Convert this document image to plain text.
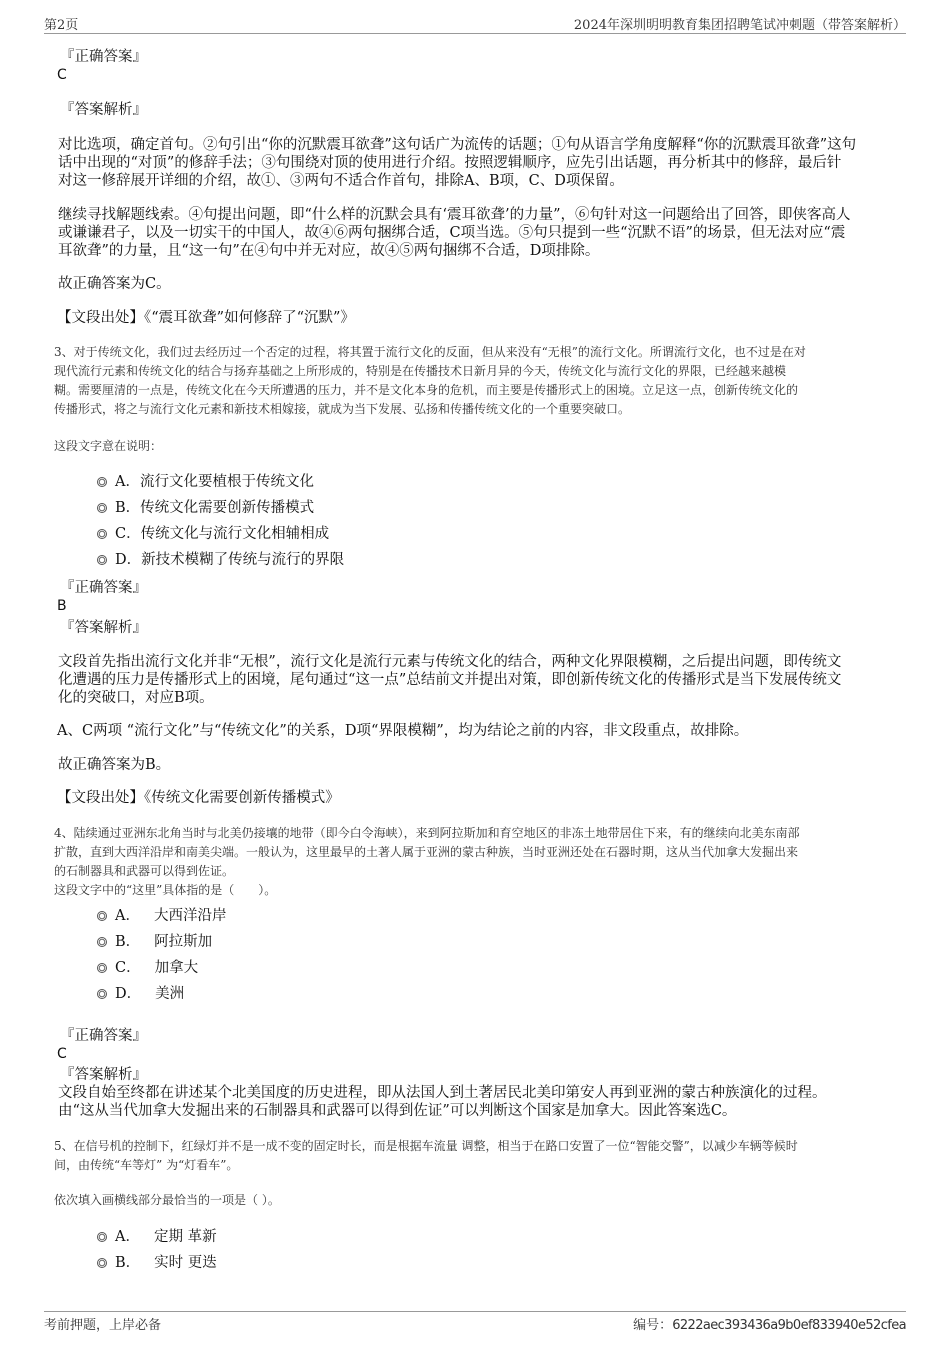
第2页	2024年深圳明明教育集团招聘笔试冲刺题（带答案解析）
『正确答案』
C
『答案解析』
对比选项，确定首句。②句引出“你的沉默震耳欲聋”这句话广为流传的话题；①句从语言学角度解释“你的沉默震耳欲聋”这句
话中出现的“对顶”的修辞手法；③句围绕对顶的使用进行介绍。按照逻辑顺序，应先引出话题，再分析其中的修辞，最后针
对这一修辞展开详细的介绍，故①、③两句不适合作首句，排除A、B项，C、D项保留。
继续寻找解题线索。④句提出问题，即“什么样的沉默会具有‘震耳欲聋’的力量”，⑥句针对这一问题给出了回答，即侠客高人
或谦谦君子，以及一切实干的中国人，故④⑥两句捆绑合适，C项当选。⑤句只提到一些“沉默不语”的场景，但无法对应“震
耳欲聋”的力量，且“这一句”在④句中并无对应，故④⑤两句捆绑不合适，D项排除。
故正确答案为C。
【文段出处】《“震耳欲聋”如何修辞了“沉默”》
3、对于传统文化，我们过去经历过一个否定的过程，将其置于流行文化的反面，但从来没有“无根”的流行文化。所谓流行文化，也不过是在对
现代流行元素和传统文化的结合与扬弃基础之上所形成的，特别是在传播技术日新月异的今天，传统文化与流行文化的界限，已经越来越模
糊。需要厘清的一点是，传统文化在今天所遭遇的压力，并不是文化本身的危机，而主要是传播形式上的困境。立足这一点，创新传统文化的
传播形式，将之与流行文化元素和新技术相嫁接，就成为当下发展、弘扬和传播传统文化的一个重要突破口。
这段文字意在说明：
A．流行文化要植根于传统文化
B．传统文化需要创新传播模式
C．传统文化与流行文化相辅相成
D．新技术模糊了传统与流行的界限
『正确答案』
B
『答案解析』
文段首先指出流行文化并非“无根”，流行文化是流行元素与传统文化的结合，两种文化界限模糊，之后提出问题，即传统文
化遭遇的压力是传播形式上的困境，尾句通过“这一点”总结前文并提出对策，即创新传统文化的传播形式是当下发展传统文
化的突破口，对应B项。
A、C两项 “流行文化”与“传统文化”的关系，D项“界限模糊”，均为结论之前的内容，非文段重点，故排除。
故正确答案为B。
【文段出处】《传统文化需要创新传播模式》
4、陆续通过亚洲东北角当时与北美仍接壤的地带（即今白令海峡），来到阿拉斯加和育空地区的非冻土地带居住下来，有的继续向北美东南部
扩散，直到大西洋沿岸和南美尖端。一般认为，这里最早的土著人属于亚洲的蒙古种族，当时亚洲还处在石器时期，这从当代加拿大发掘出来
的石制器具和武器可以得到佐证。
这段文字中的“这里”具体指的是（　　）。
A． 大西洋沿岸
B． 阿拉斯加
C． 加拿大
D． 美洲
『正确答案』
C
『答案解析』
文段自始至终都在讲述某个北美国度的历史进程，即从法国人到土著居民北美印第安人再到亚洲的蒙古种族演化的过程。
由“这从当代加拿大发掘出来的石制器具和武器可以得到佐证”可以判断这个国家是加拿大。因此答案选C。
5、在信号机的控制下，红绿灯并不是一成不变的固定时长，而是根据车流量 调整，相当于在路口安置了一位“智能交警”，以减少车辆等候时
间，由传统“车等灯” 为“灯看车”。
依次填入画横线部分最恰当的一项是（ ）。
A． 定期 革新
B． 实时 更迭
考前押题，上岸必备	编号：6222aec393436a9b0ef833940e52cfea
